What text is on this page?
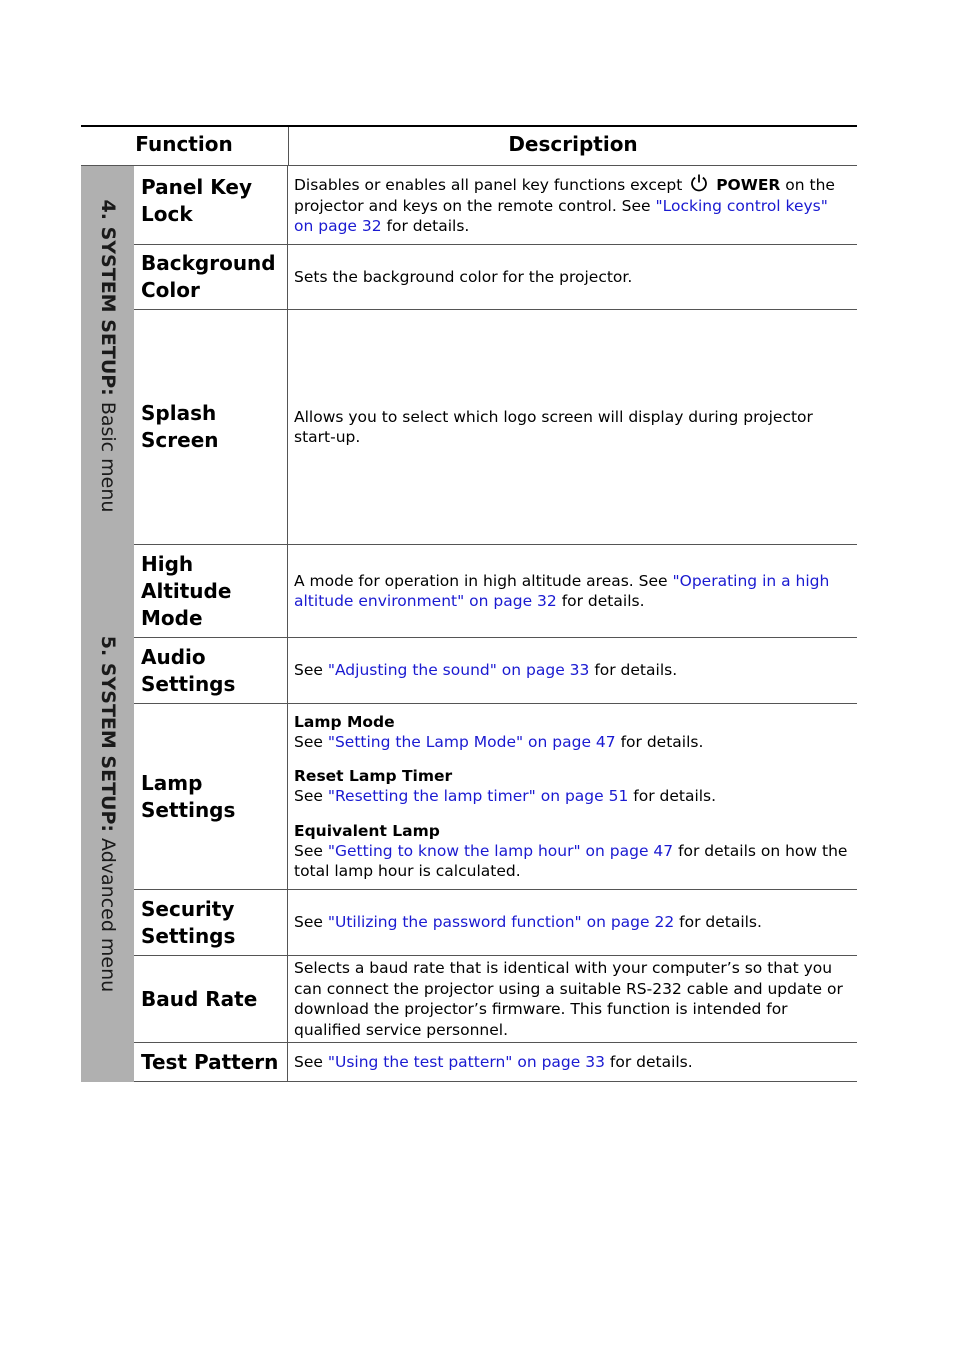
Function	Description
4. SYSTEM SETUP: Basic menu
Panel Key Lock
Disables or enables all panel key functions except POWER on the projector and keys on the remote control. See "Locking control keys" on page 32 for details.
Background Color
Sets the background color for the projector.
Splash Screen
Allows you to select which logo screen will display during projector start-up.
5. SYSTEM SETUP: Advanced menu
High Altitude Mode
A mode for operation in high altitude areas. See "Operating in a high altitude environment" on page 32 for details.
Audio Settings
See "Adjusting the sound" on page 33 for details.
Lamp Settings
Lamp Mode
See "Setting the Lamp Mode" on page 47 for details.
Reset Lamp Timer
See "Resetting the lamp timer" on page 51 for details.
Equivalent Lamp
See "Getting to know the lamp hour" on page 47 for details on how the total lamp hour is calculated.
Security Settings
See "Utilizing the password function" on page 22 for details.
Baud Rate
Selects a baud rate that is identical with your computer’s so that you can connect the projector using a suitable RS-232 cable and update or download the projector’s firmware. This function is intended for qualified service personnel.
Test Pattern	See "Using the test pattern" on page 33 for details.
